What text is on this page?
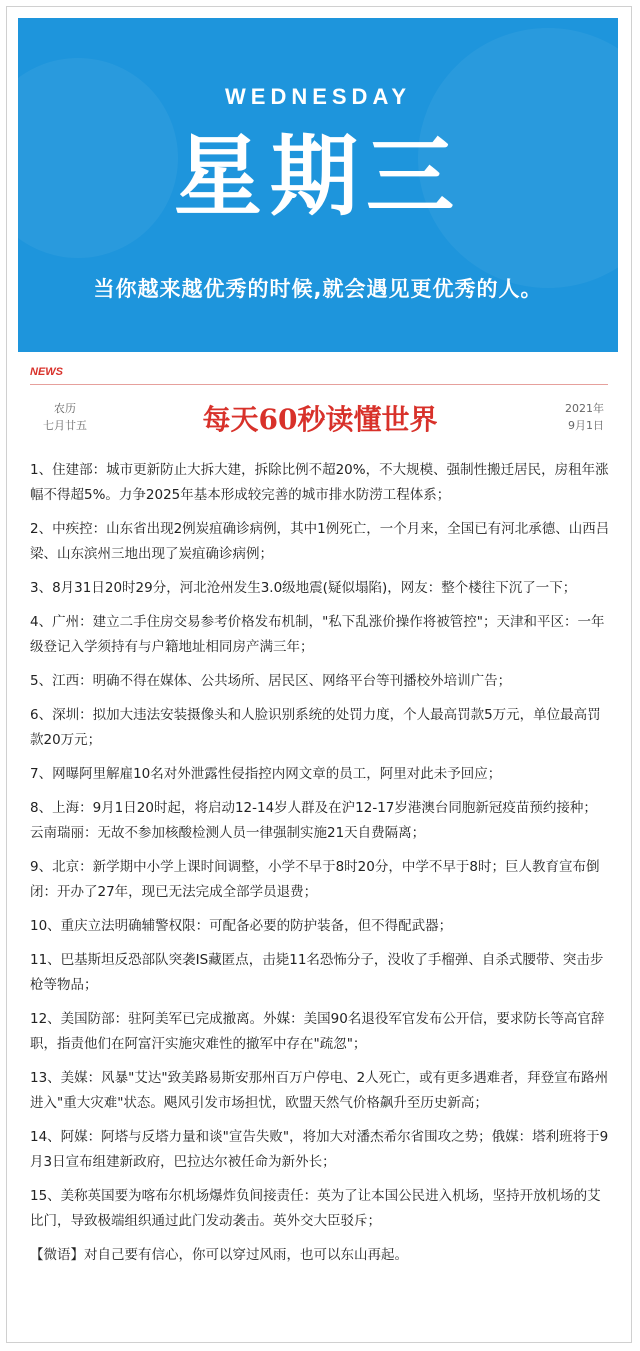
WEDNESDAY
星期三
当你越来越优秀的时候,就会遇见更优秀的人。
NEWS
农历
七月廿五	每天60秒读懂世界	2021年
9月1日

1、住建部：城市更新防止大拆大建，拆除比例不超20%，不大规模、强制性搬迁居民，房租年涨幅不得超5%。力争2025年基本形成较完善的城市排水防涝工程体系；

2、中疾控：山东省出现2例炭疽确诊病例，其中1例死亡，一个月来，全国已有河北承德、山西吕梁、山东滨州三地出现了炭疽确诊病例；

3、8月31日20时29分，河北沧州发生3.0级地震(疑似塌陷)，网友：整个楼往下沉了一下；

4、广州：建立二手住房交易参考价格发布机制，"私下乱涨价操作将被管控"；天津和平区：一年级登记入学须持有与户籍地址相同房产满三年；

5、江西：明确不得在媒体、公共场所、居民区、网络平台等刊播校外培训广告；

6、深圳：拟加大违法安装摄像头和人脸识别系统的处罚力度，个人最高罚款5万元，单位最高罚款20万元；

7、网曝阿里解雇10名对外泄露性侵指控内网文章的员工，阿里对此未予回应；

8、上海：9月1日20时起，将启动12-14岁人群及在沪12-17岁港澳台同胞新冠疫苗预约接种；云南瑞丽：无故不参加核酸检测人员一律强制实施21天自费隔离；

9、北京：新学期中小学上课时间调整，小学不早于8时20分，中学不早于8时；巨人教育宣布倒闭：开办了27年，现已无法完成全部学员退费；

10、重庆立法明确辅警权限：可配备必要的防护装备，但不得配武器；

11、巴基斯坦反恐部队突袭IS藏匿点，击毙11名恐怖分子，没收了手榴弹、自杀式腰带、突击步枪等物品；

12、美国防部：驻阿美军已完成撤离。外媒：美国90名退役军官发布公开信，要求防长等高官辞职，指责他们在阿富汗实施灾难性的撤军中存在"疏忽"；

13、美媒：风暴"艾达"致美路易斯安那州百万户停电、2人死亡，或有更多遇难者，拜登宣布路州进入"重大灾难"状态。飓风引发市场担忧，欧盟天然气价格飙升至历史新高；

14、阿媒：阿塔与反塔力量和谈"宣告失败"，将加大对潘杰希尔省围攻之势；俄媒：塔利班将于9月3日宣布组建新政府，巴拉达尔被任命为新外长；

15、美称英国要为喀布尔机场爆炸负间接责任：英为了让本国公民进入机场，坚持开放机场的艾比门，导致极端组织通过此门发动袭击。英外交大臣驳斥；

【微语】对自己要有信心，你可以穿过风雨，也可以东山再起。
